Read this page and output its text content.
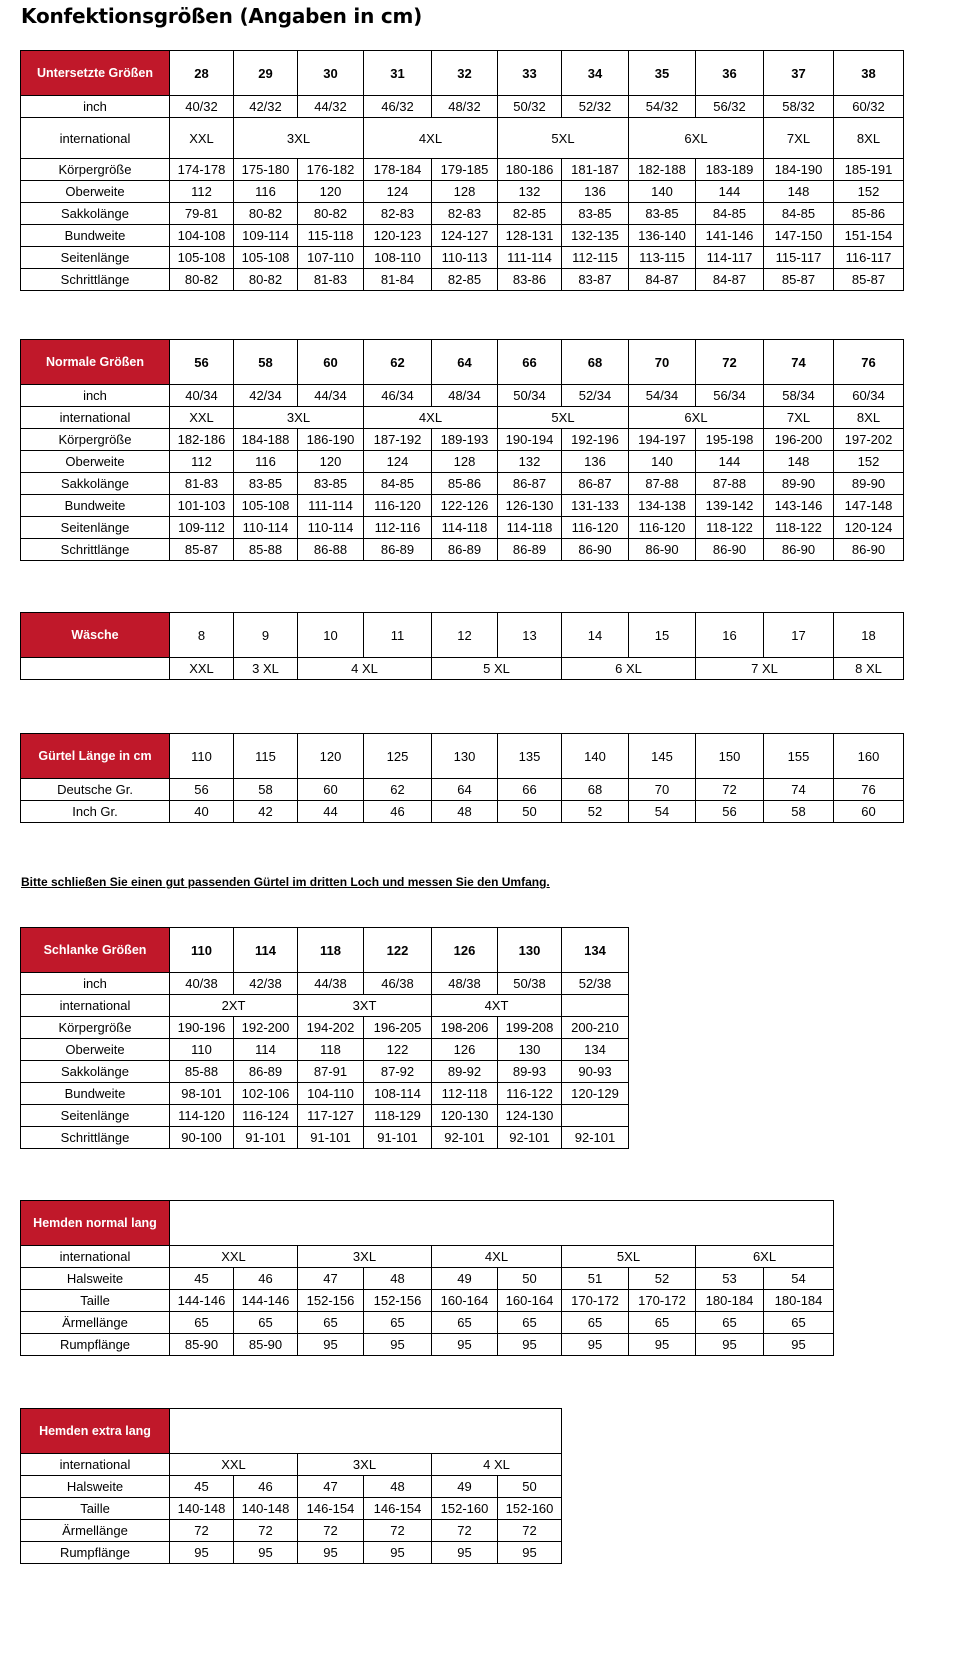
Konfektionsgrößen (Angaben in cm)
Untersetzte Größen	28	29	30	31	32	33	34	35	36	37	38
inch	40/32	42/32	44/32	46/32	48/32	50/32	52/32	54/32	56/32	58/32	60/32
international	XXL	3XL		4XL		5XL		6XL		7XL	8XL
Körpergröße	174-178	175-180	176-182	178-184	179-185	180-186	181-187	182-188	183-189	184-190	185-191
Oberweite	112	116	120	124	128	132	136	140	144	148	152
Sakkolänge	79-81	80-82	80-82	82-83	82-83	82-85	83-85	83-85	84-85	84-85	85-86
Bundweite	104-108	109-114	115-118	120-123	124-127	128-131	132-135	136-140	141-146	147-150	151-154
Seitenlänge	105-108	105-108	107-110	108-110	110-113	111-114	112-115	113-115	114-117	115-117	116-117
Schrittlänge	80-82	80-82	81-83	81-84	82-85	83-86	83-87	84-87	84-87	85-87	85-87
Normale Größen	56	58	60	62	64	66	68	70	72	74	76
inch	40/34	42/34	44/34	46/34	48/34	50/34	52/34	54/34	56/34	58/34	60/34
international	XXL	3XL		4XL		5XL		6XL		7XL	8XL
Körpergröße	182-186	184-188	186-190	187-192	189-193	190-194	192-196	194-197	195-198	196-200	197-202
Oberweite	112	116	120	124	128	132	136	140	144	148	152
Sakkolänge	81-83	83-85	83-85	84-85	85-86	86-87	86-87	87-88	87-88	89-90	89-90
Bundweite	101-103	105-108	111-114	116-120	122-126	126-130	131-133	134-138	139-142	143-146	147-148
Seitenlänge	109-112	110-114	110-114	112-116	114-118	114-118	116-120	116-120	118-122	118-122	120-124
Schrittlänge	85-87	85-88	86-88	86-89	86-89	86-89	86-90	86-90	86-90	86-90	86-90
Wäsche	8	9	10	11	12	13	14	15	16	17	18
	XXL	3 XL	4 XL		5 XL		6 XL		7 XL		8 XL
Gürtel Länge in cm	110	115	120	125	130	135	140	145	150	155	160
Deutsche Gr.	56	58	60	62	64	66	68	70	72	74	76
Inch Gr.	40	42	44	46	48	50	52	54	56	58	60
Bitte schließen Sie einen gut passenden Gürtel im dritten Loch und messen Sie den Umfang.
Schlanke Größen	110	114	118	122	126	130	134
inch	40/38	42/38	44/38	46/38	48/38	50/38	52/38
international	2XT		3XT		4XT		
Körpergröße	190-196	192-200	194-202	196-205	198-206	199-208	200-210
Oberweite	110	114	118	122	126	130	134
Sakkolänge	85-88	86-89	87-91	87-92	89-92	89-93	90-93
Bundweite	98-101	102-106	104-110	108-114	112-118	116-122	120-129
Seitenlänge	114-120	116-124	117-127	118-129	120-130	124-130	
Schrittlänge	90-100	91-101	91-101	91-101	92-101	92-101	92-101
Hemden normal lang										
international	XXL		3XL		4XL		5XL		6XL	
Halsweite	45	46	47	48	49	50	51	52	53	54
Taille	144-146	144-146	152-156	152-156	160-164	160-164	170-172	170-172	180-184	180-184
Ärmellänge	65	65	65	65	65	65	65	65	65	65
Rumpflänge	85-90	85-90	95	95	95	95	95	95	95	95
Hemden extra lang						
international	XXL		3XL		4 XL	
Halsweite	45	46	47	48	49	50
Taille	140-148	140-148	146-154	146-154	152-160	152-160
Ärmellänge	72	72	72	72	72	72
Rumpflänge	95	95	95	95	95	95
